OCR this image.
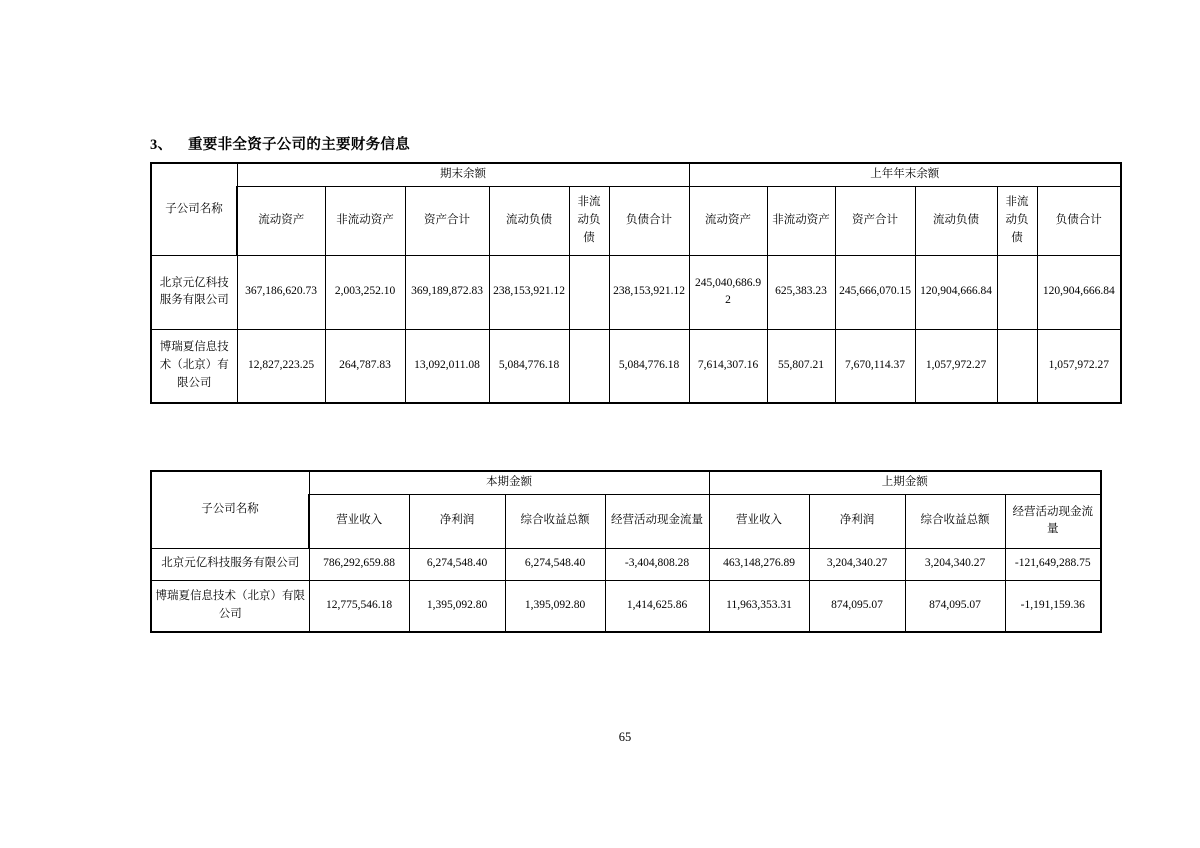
3、 重要非全资子公司的主要财务信息
子公司名称	期末余额						上年年末余额					
	流动资产	非流动资产	资产合计	流动负债	非流动负债	负债合计	流动资产	非流动资产	资产合计	流动负债	非流动负债	负债合计
北京元亿科技服务有限公司	367,186,620.73	2,003,252.10	369,189,872.83	238,153,921.12		238,153,921.12	245,040,686.92	625,383.23	245,666,070.15	120,904,666.84		120,904,666.84
博瑞夏信息技术（北京）有限公司	12,827,223.25	264,787.83	13,092,011.08	5,084,776.18		5,084,776.18	7,614,307.16	55,807.21	7,670,114.37	1,057,972.27		1,057,972.27
子公司名称	本期金额				上期金额			
	营业收入	净利润	综合收益总额	经营活动现金流量	营业收入	净利润	综合收益总额	经营活动现金流量
北京元亿科技服务有限公司	786,292,659.88	6,274,548.40	6,274,548.40	-3,404,808.28	463,148,276.89	3,204,340.27	3,204,340.27	-121,649,288.75
博瑞夏信息技术（北京）有限公司	12,775,546.18	1,395,092.80	1,395,092.80	1,414,625.86	11,963,353.31	874,095.07	874,095.07	-1,191,159.36
65
